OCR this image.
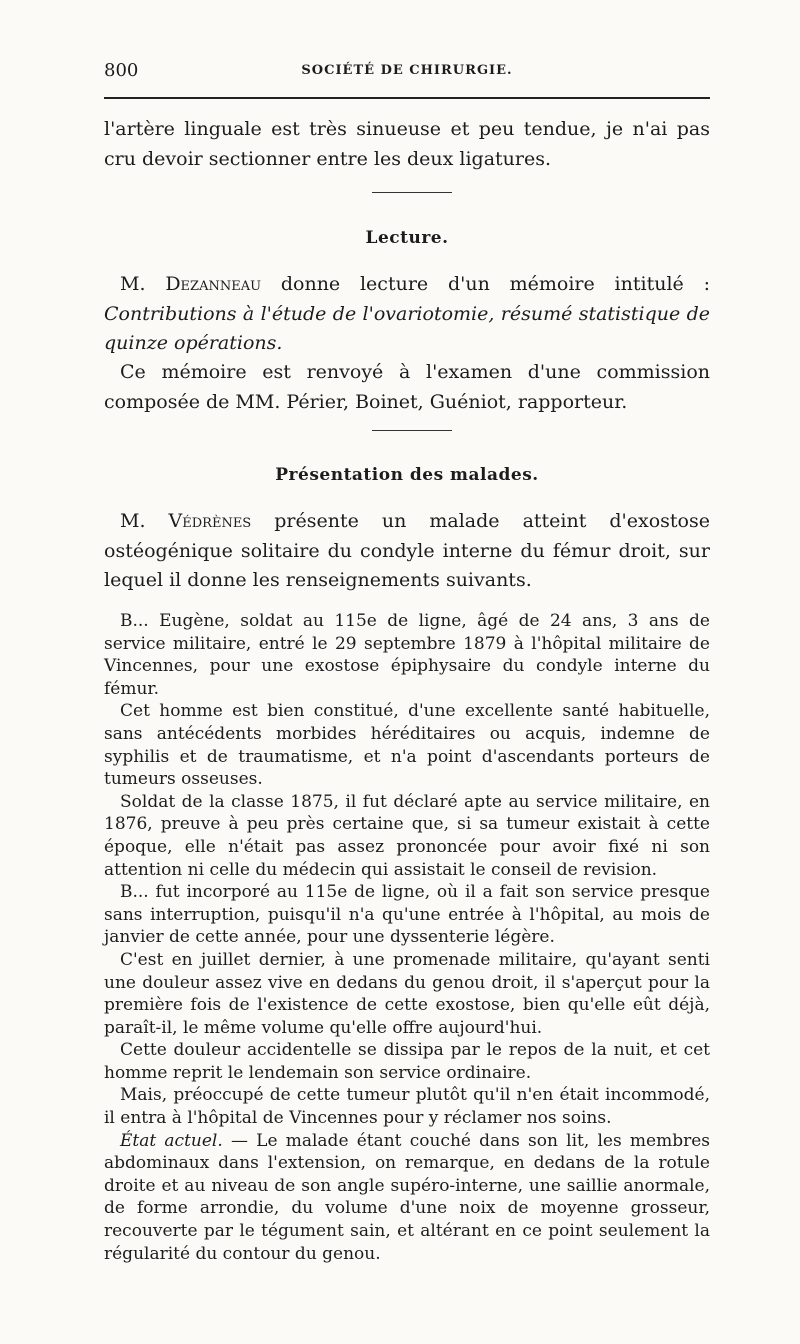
800	SOCIÉTÉ DE CHIRURGIE.

l'artère linguale est très sinueuse et peu tendue, je n'ai pas cru devoir sectionner entre les deux ligatures.

Lecture.

M. Dezanneau donne lecture d'un mémoire intitulé : Contributions à l'étude de l'ovariotomie, résumé statistique de quinze opérations.

Ce mémoire est renvoyé à l'examen d'une commission composée de MM. Périer, Boinet, Guéniot, rapporteur.

Présentation des malades.

M. Védrènes présente un malade atteint d'exostose ostéogénique solitaire du condyle interne du fémur droit, sur lequel il donne les renseignements suivants.

B... Eugène, soldat au 115e de ligne, âgé de 24 ans, 3 ans de service militaire, entré le 29 septembre 1879 à l'hôpital militaire de Vincennes, pour une exostose épiphysaire du condyle interne du fémur.

Cet homme est bien constitué, d'une excellente santé habituelle, sans antécédents morbides héréditaires ou acquis, indemne de syphilis et de traumatisme, et n'a point d'ascendants porteurs de tumeurs osseuses.

Soldat de la classe 1875, il fut déclaré apte au service militaire, en 1876, preuve à peu près certaine que, si sa tumeur existait à cette époque, elle n'était pas assez prononcée pour avoir fixé ni son attention ni celle du médecin qui assistait le conseil de revision.

B... fut incorporé au 115e de ligne, où il a fait son service presque sans interruption, puisqu'il n'a qu'une entrée à l'hôpital, au mois de janvier de cette année, pour une dyssenterie légère.

C'est en juillet dernier, à une promenade militaire, qu'ayant senti une douleur assez vive en dedans du genou droit, il s'aperçut pour la première fois de l'existence de cette exostose, bien qu'elle eût déjà, paraît-il, le même volume qu'elle offre aujourd'hui.

Cette douleur accidentelle se dissipa par le repos de la nuit, et cet homme reprit le lendemain son service ordinaire.

Mais, préoccupé de cette tumeur plutôt qu'il n'en était incommodé, il entra à l'hôpital de Vincennes pour y réclamer nos soins.

État actuel. — Le malade étant couché dans son lit, les membres abdominaux dans l'extension, on remarque, en dedans de la rotule droite et au niveau de son angle supéro-interne, une saillie anormale, de forme arrondie, du volume d'une noix de moyenne grosseur, recouverte par le tégument sain, et altérant en ce point seulement la régularité du contour du genou.
